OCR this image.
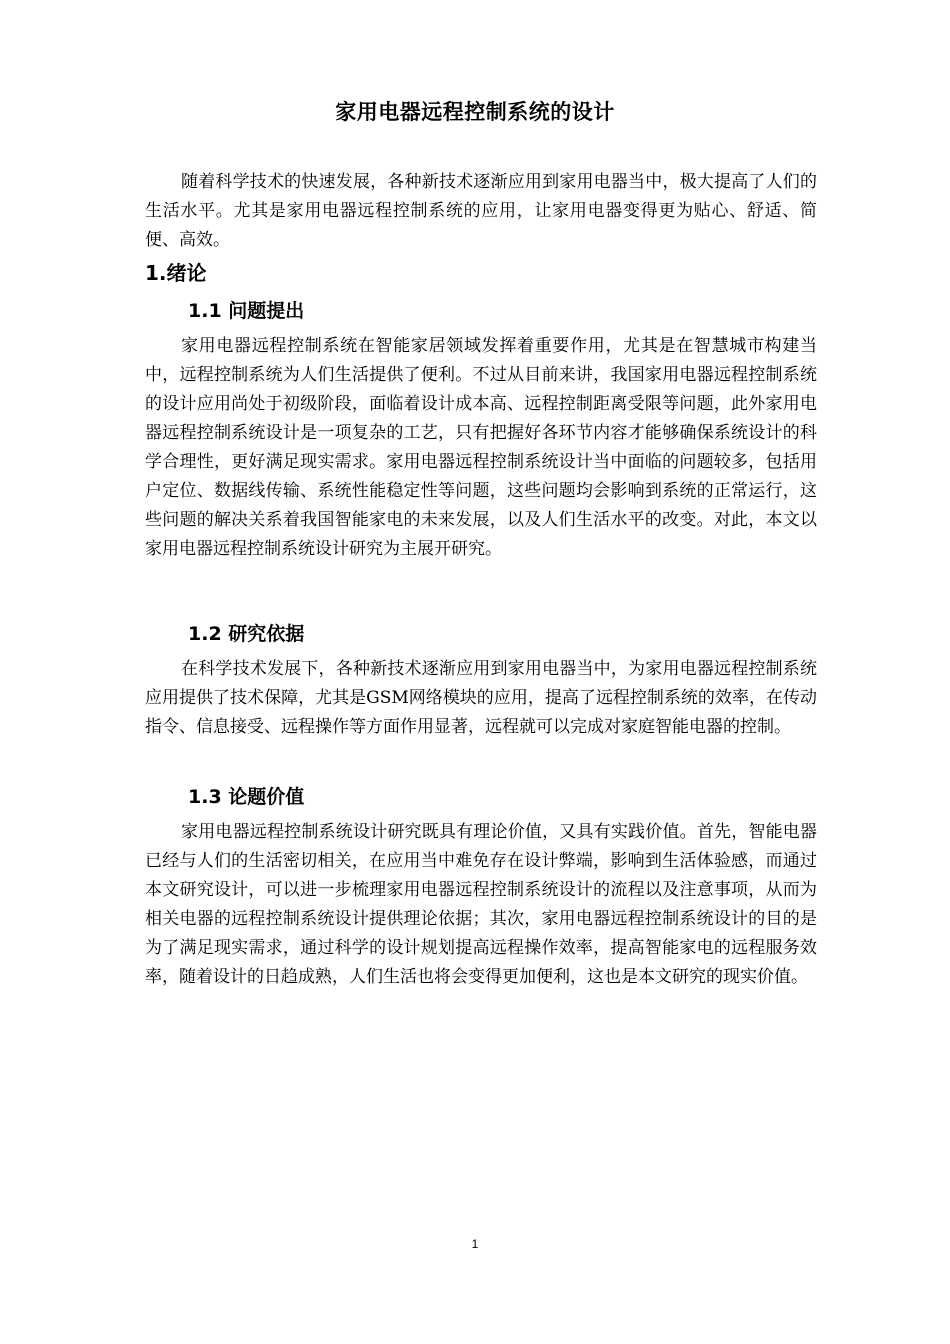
家用电器远程控制系统的设计

随着科学技术的快速发展，各种新技术逐渐应用到家用电器当中，极大提高了人们的生活水平。尤其是家用电器远程控制系统的应用，让家用电器变得更为贴心、舒适、简便、高效。

1.绪论
1.1 问题提出

家用电器远程控制系统在智能家居领域发挥着重要作用，尤其是在智慧城市构建当中，远程控制系统为人们生活提供了便利。不过从目前来讲，我国家用电器远程控制系统的设计应用尚处于初级阶段，面临着设计成本高、远程控制距离受限等问题，此外家用电器远程控制系统设计是一项复杂的工艺，只有把握好各环节内容才能够确保系统设计的科学合理性，更好满足现实需求。家用电器远程控制系统设计当中面临的问题较多，包括用户定位、数据线传输、系统性能稳定性等问题，这些问题均会影响到系统的正常运行，这些问题的解决关系着我国智能家电的未来发展，以及人们生活水平的改变。对此，本文以家用电器远程控制系统设计研究为主展开研究。

1.2 研究依据

在科学技术发展下，各种新技术逐渐应用到家用电器当中，为家用电器远程控制系统应用提供了技术保障，尤其是GSM网络模块的应用，提高了远程控制系统的效率，在传动指令、信息接受、远程操作等方面作用显著，远程就可以完成对家庭智能电器的控制。

1.3 论题价值

家用电器远程控制系统设计研究既具有理论价值，又具有实践价值。首先，智能电器已经与人们的生活密切相关，在应用当中难免存在设计弊端，影响到生活体验感，而通过本文研究设计，可以进一步梳理家用电器远程控制系统设计的流程以及注意事项，从而为相关电器的远程控制系统设计提供理论依据；其次，家用电器远程控制系统设计的目的是为了满足现实需求，通过科学的设计规划提高远程操作效率，提高智能家电的远程服务效率，随着设计的日趋成熟，人们生活也将会变得更加便利，这也是本文研究的现实价值。

1
